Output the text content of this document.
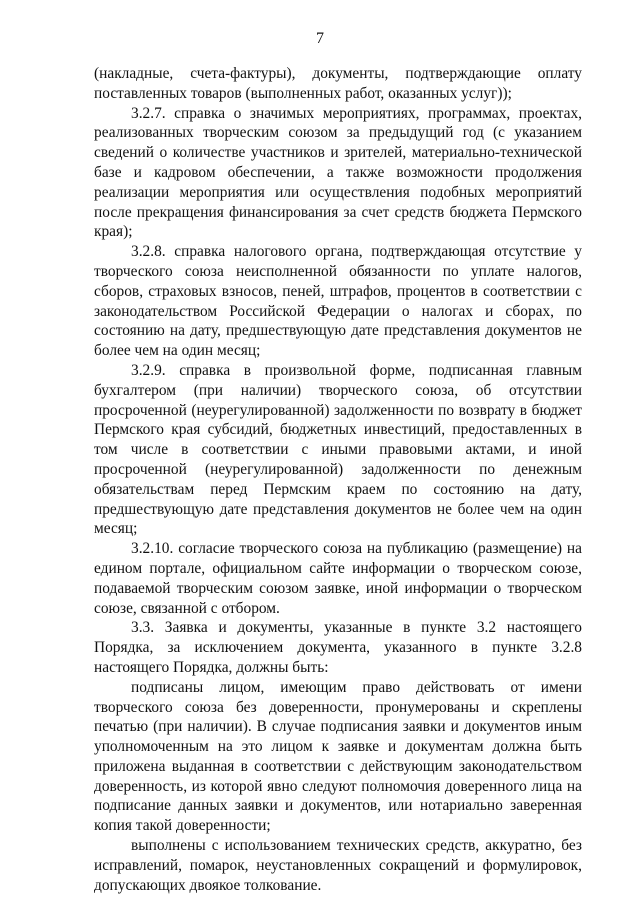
7

(накладные, счета-фактуры), документы, подтверждающие оплату поставленных товаров (выполненных работ, оказанных услуг));

3.2.7. справка о значимых мероприятиях, программах, проектах, реализованных творческим союзом за предыдущий год (с указанием сведений о количестве участников и зрителей, материально-технической базе и кадровом обеспечении, а также возможности продолжения реализации мероприятия или осуществления подобных мероприятий после прекращения финансирования за счет средств бюджета Пермского края);

3.2.8. справка налогового органа, подтверждающая отсутствие у творческого союза неисполненной обязанности по уплате налогов, сборов, страховых взносов, пеней, штрафов, процентов в соответствии с законодательством Российской Федерации о налогах и сборах, по состоянию на дату, предшествующую дате представления документов не более чем на один месяц;

3.2.9. справка в произвольной форме, подписанная главным бухгалтером (при наличии) творческого союза, об отсутствии просроченной (неурегулированной) задолженности по возврату в бюджет Пермского края субсидий, бюджетных инвестиций, предоставленных в том числе в соответствии с иными правовыми актами, и иной просроченной (неурегулированной) задолженности по денежным обязательствам перед Пермским краем по состоянию на дату, предшествующую дате представления документов не более чем на один месяц;

3.2.10. согласие творческого союза на публикацию (размещение) на едином портале, официальном сайте информации о творческом союзе, подаваемой творческим союзом заявке, иной информации о творческом союзе, связанной с отбором.

3.3. Заявка и документы, указанные в пункте 3.2 настоящего Порядка, за исключением документа, указанного в пункте 3.2.8 настоящего Порядка, должны быть:

подписаны лицом, имеющим право действовать от имени творческого союза без доверенности, пронумерованы и скреплены печатью (при наличии). В случае подписания заявки и документов иным уполномоченным на это лицом к заявке и документам должна быть приложена выданная в соответствии с действующим законодательством доверенность, из которой явно следуют полномочия доверенного лица на подписание данных заявки и документов, или нотариально заверенная копия такой доверенности;

выполнены с использованием технических средств, аккуратно, без исправлений, помарок, неустановленных сокращений и формулировок, допускающих двоякое толкование.
